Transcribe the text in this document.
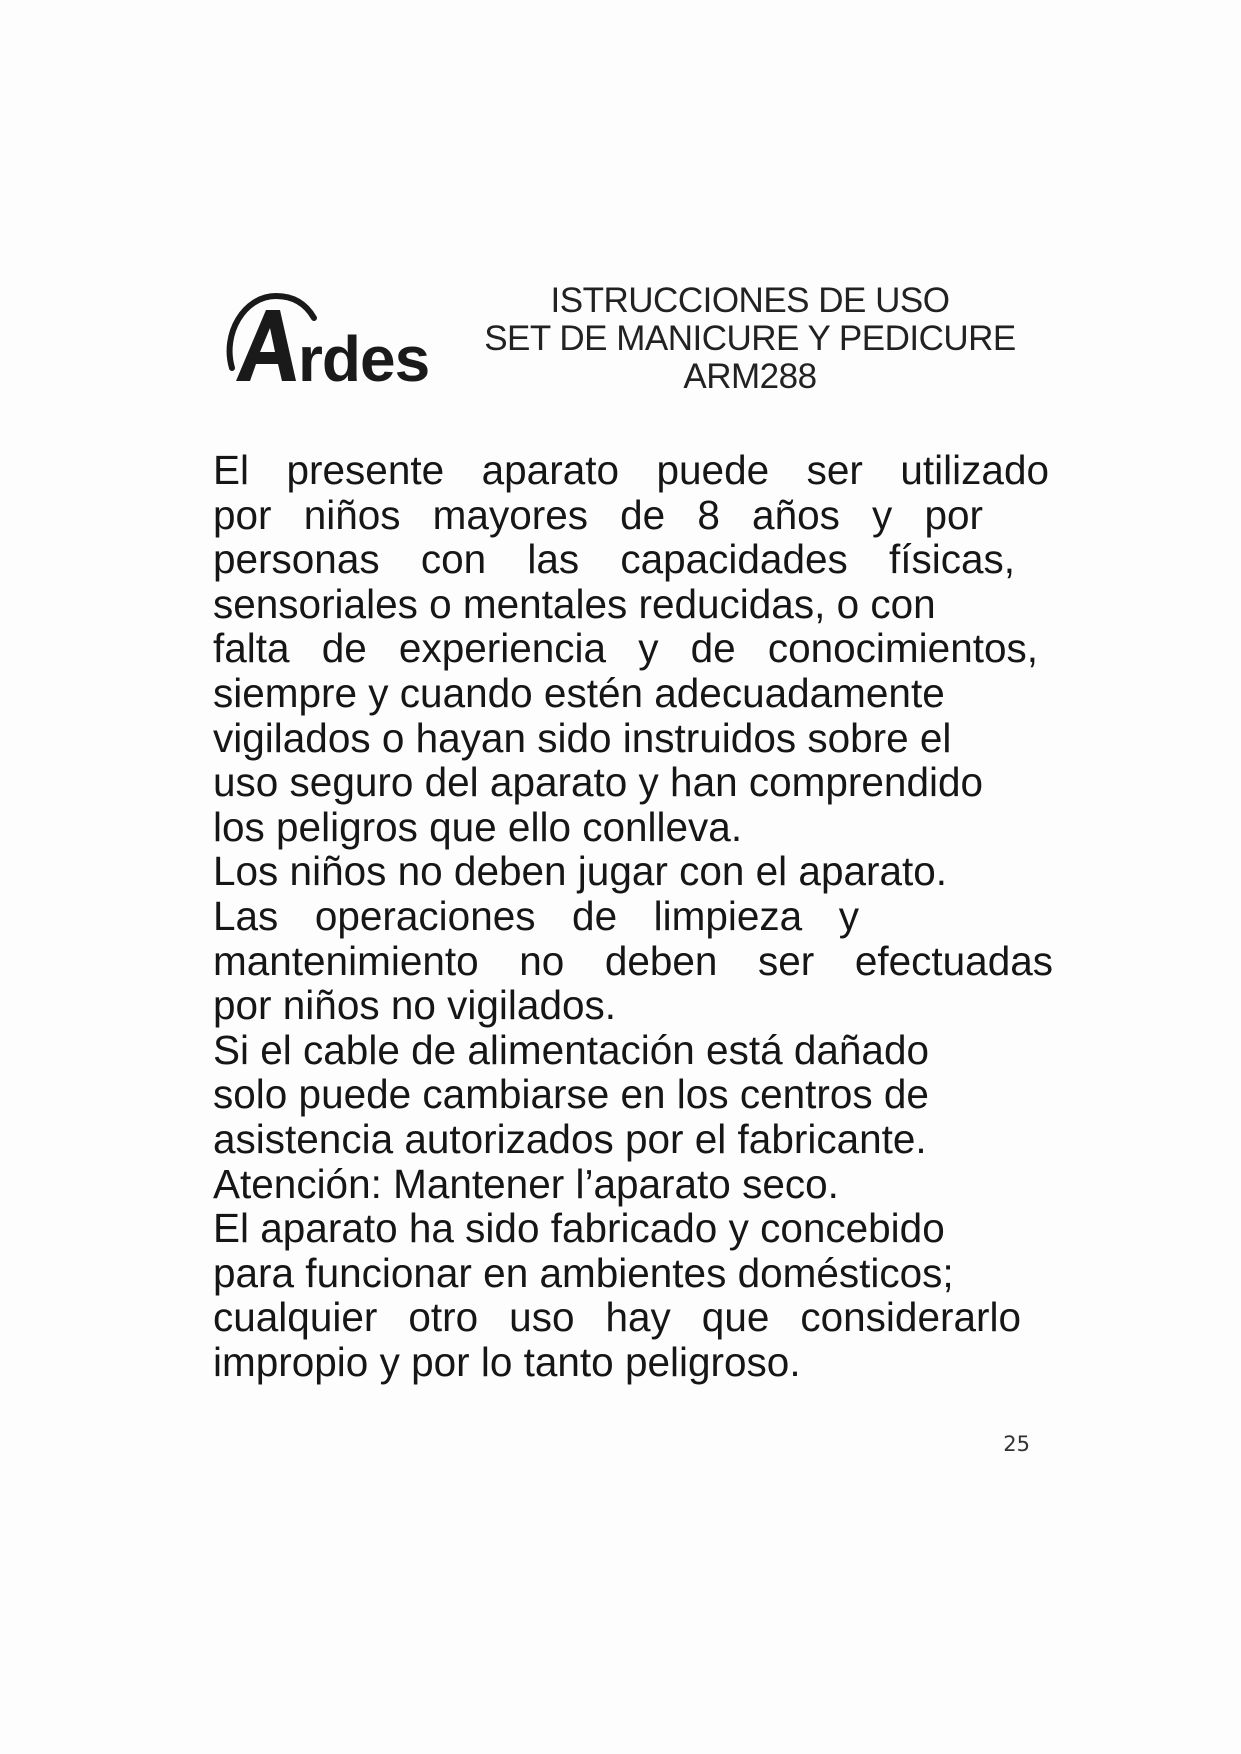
rdes
ISTRUCCIONES DE USO
SET DE MANICURE Y PEDICURE
ARM288
El presente aparato puede ser utilizado
por niños mayores de 8 años y por
personas con las capacidades físicas,
sensoriales o mentales reducidas, o con
falta de experiencia y de conocimientos,
siempre y cuando estén adecuadamente
vigilados o hayan sido instruidos sobre el
uso seguro del aparato y han comprendido
los peligros que ello conlleva.
Los niños no deben jugar con el aparato.
Las operaciones de limpieza y
mantenimiento no deben ser efectuadas
por niños no vigilados.
Si el cable de alimentación está dañado
solo puede cambiarse en los centros de
asistencia autorizados por el fabricante.
Atención: Mantener l’aparato seco.
El aparato ha sido fabricado y concebido
para funcionar en ambientes domésticos;
cualquier otro uso hay que considerarlo
impropio y por lo tanto peligroso.
25
